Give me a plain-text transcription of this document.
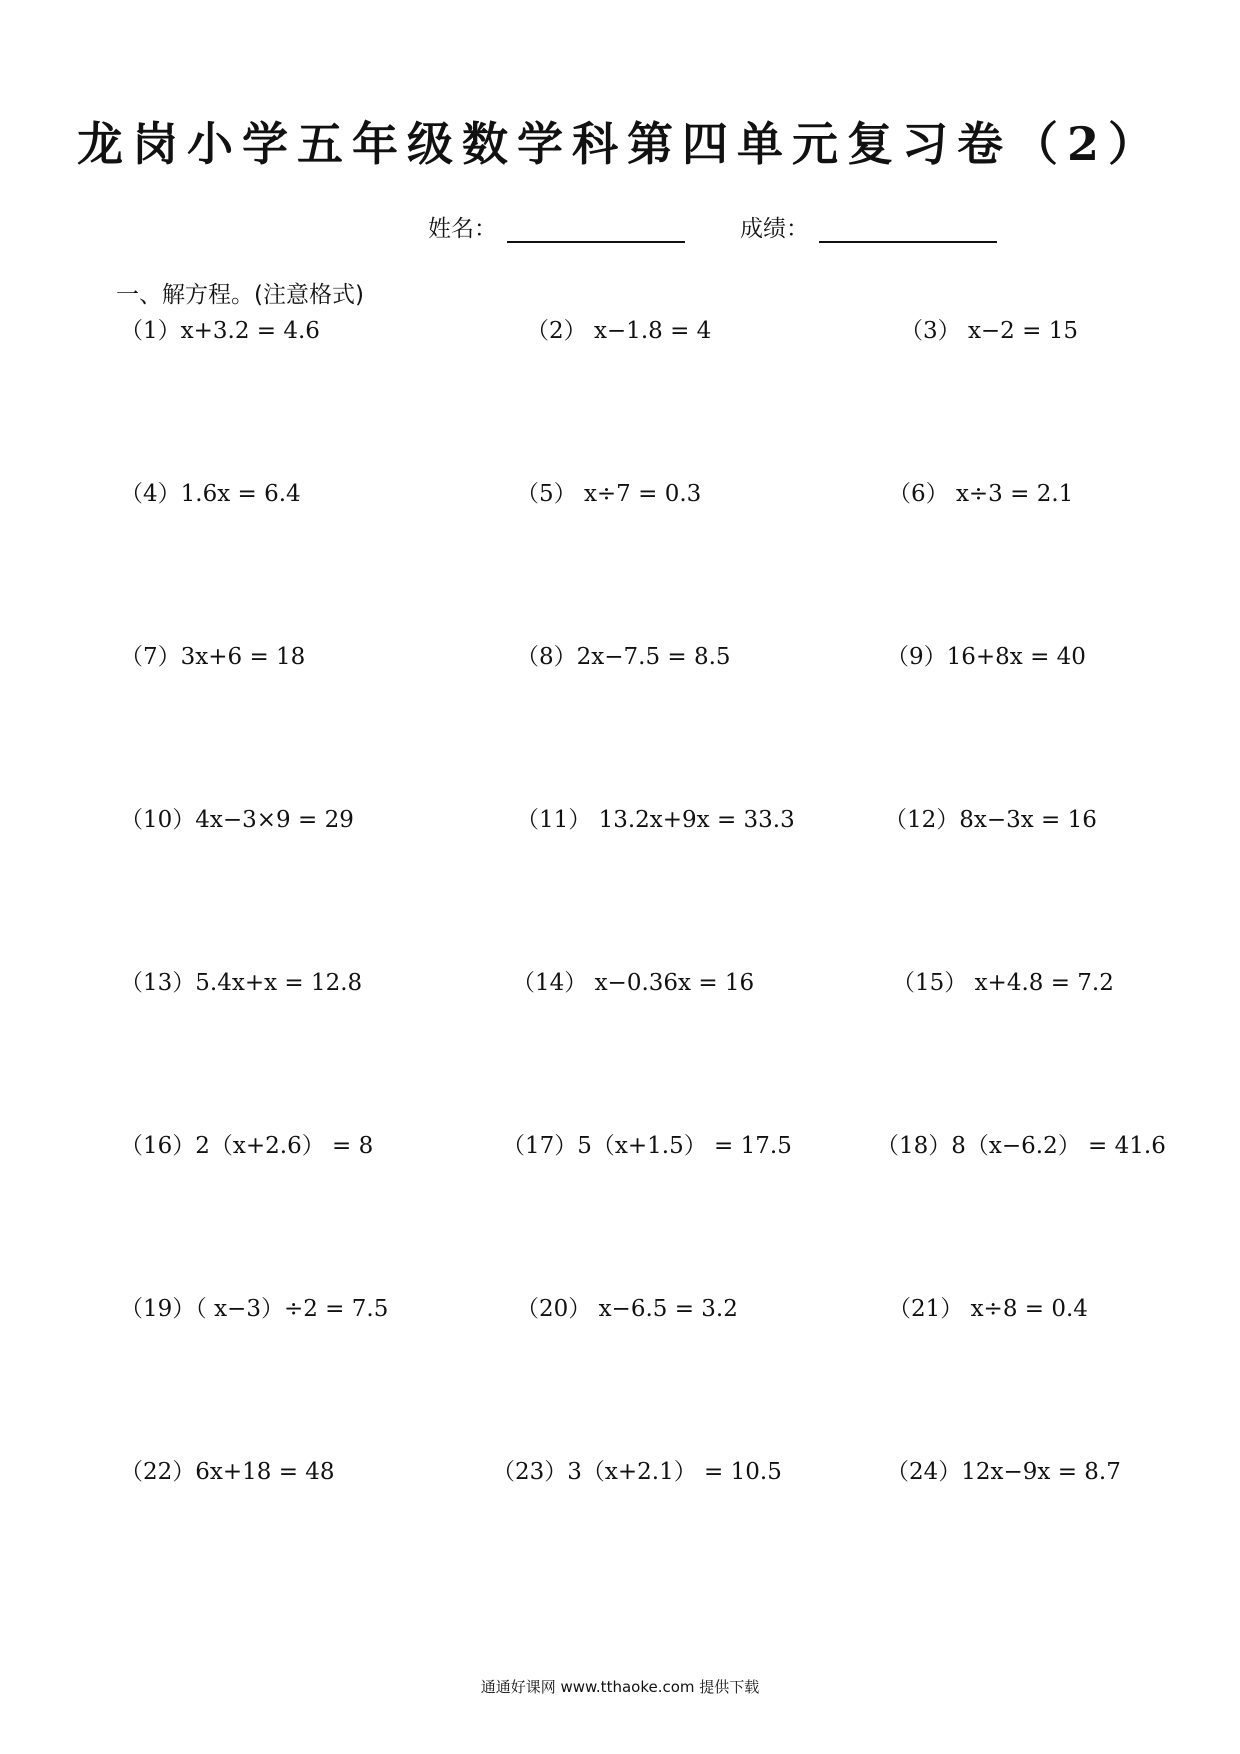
龙岗小学五年级数学科第四单元复习卷（2）
姓名：	成绩：
一、解方程。(注意格式)
（1）x+3.2 = 4.6	（2） x−1.8 = 4	（3） x−2 = 15
（4）1.6x = 6.4	（5） x÷7 = 0.3	（6） x÷3 = 2.1
（7）3x+6 = 18	（8）2x−7.5 = 8.5	（9）16+8x = 40
（10）4x−3×9 = 29	（11） 13.2x+9x = 33.3	（12）8x−3x = 16
（13）5.4x+x = 12.8	（14） x−0.36x = 16	（15） x+4.8 = 7.2
（16）2（x+2.6） = 8	（17）5（x+1.5） = 17.5	（18）8（x−6.2） = 41.6
（19）（ x−3）÷2 = 7.5	（20） x−6.5 = 3.2	（21） x÷8 = 0.4
（22）6x+18 = 48	（23）3（x+2.1） = 10.5	（24）12x−9x = 8.7
通通好课网 www.tthaoke.com 提供下载
